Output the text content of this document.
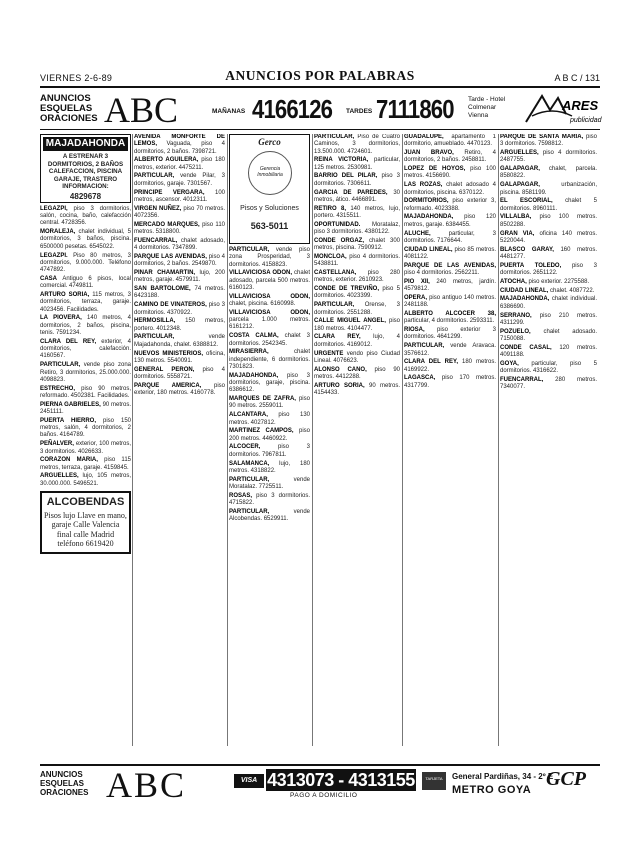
VIERNES 2-6-89	ANUNCIOS POR PALABRAS	A B C / 131
ANUNCIOS ESQUELAS ORACIONES ABC	MAÑANAS 4166126 TARDES 7111860 Tarde - Hotel Colmenar Vienna
ARES
publicidad
MAJADAHONDA
A ESTRENAR 3 DORMITORIOS, 2 BAÑOS CALEFACCION, PISCINA GARAJE, TRASTERO INFORMACION:
4829678

LEGAZPI, piso 3 dormitorios, salón, cocina, baño, calefacción central. 4728356.

MORALEJA, chalet individual, 5 dormitorios, 3 baños, piscina. 6500000 pesetas. 6545022.

LEGAZPI. Piso 80 metros, 3 dormitorios, 9.000.000. Teléfono 4747892.

CASA Antiguo 6 pisos, local comercial. 4749811.

ARTURO SORIA, 115 metros, 3 dormitorios, terraza, garaje. 4023456. Facilidades.

LA PIOVERA, 140 metros, 4 dormitorios, 2 baños, piscina, tenis. 7591234.

CLARA DEL REY, exterior, 4 dormitorios, calefacción. 4160567.

PARTICULAR, vende piso zona Retiro, 3 dormitorios, 25.000.000. 4098823.

ESTRECHO, piso 90 metros, reformado. 4502381. Facilidades.

PIERNA GABRIELES, 90 metros. 2451111.

PUERTA HIERRO, piso 150 metros, salón, 4 dormitorios, 2 baños. 4164789.

PEÑALVER, exterior, 100 metros, 3 dormitorios. 4026633.

CORAZON MARIA, piso 115 metros, terraza, garaje. 4159845.

ARGUELLES, lujo, 105 metros, 30.000.000. 5496521.

ALCOBENDAS
Pisos lujo Llave en mano, garaje Calle Valencia final calle Madrid teléfono 6619420

AVENIDA MONFORTE DE LEMOS, Vaguada, piso 4 dormitorios, 2 baños. 7398721.

ALBERTO AGUILERA, piso 180 metros, exterior. 4475211.

PARTICULAR, vende Pilar, 3 dormitorios, garaje. 7301567.

PRINCIPE VERGARA, 100 metros, ascensor. 4012311.

VIRGEN NUÑEZ, piso 70 metros. 4072356.

MERCADO MARQUES, piso 110 metros. 5318800.

FUENCARRAL, chalet adosado, 4 dormitorios. 7347899.

PARQUE LAS AVENIDAS, piso 4 dormitorios, 2 baños. 2549870.

PINAR CHAMARTIN, lujo, 200 metros, garaje. 4579911.

SAN BARTOLOME, 74 metros. 6423188.

CAMINO DE VINATEROS, piso 3 dormitorios. 4370922.

HERMOSILLA, 150 metros, portero. 4012348.

PARTICULAR, vende Majadahonda, chalet. 6388812.

NUEVOS MINISTERIOS, oficina, 130 metros. 5540091.

GENERAL PERON, piso 4 dormitorios. 5558721.

PARQUE AMERICA, piso exterior, 180 metros. 4160778.

Gerco
Gerencia Inmobiliaria
Pisos y Soluciones
563-5011

PARTICULAR, vende piso zona Prosperidad, 3 dormitorios. 4158823.

VILLAVICIOSA ODON, chalet adosado, parcela 500 metros. 6160123.

VILLAVICIOSA ODON, chalet, piscina. 6160998.

VILLAVICIOSA ODON, parcela 1.000 metros. 6161212.

COSTA CALMA, chalet 3 dormitorios. 2542345.

MIRASIERRA, chalet independiente, 6 dormitorios. 7301823.

MAJADAHONDA, piso 3 dormitorios, garaje, piscina. 6386612.

MARQUES DE ZAFRA, piso 90 metros. 2559011.

ALCANTARA, piso 130 metros. 4027812.

MARTINEZ CAMPOS, piso 200 metros. 4460922.

ALCOCER, piso 3 dormitorios. 7967811.

SALAMANCA, lujo, 180 metros. 4318822.

PARTICULAR, vende Moratalaz. 7725511.

ROSAS, piso 3 dormitorios. 4715822.

PARTICULAR, vende Alcobendas. 6529911.

PARTICULAR, Piso de Cuatro Caminos, 3 dormitorios, 13.500.000. 4724601.

REINA VICTORIA, particular, 125 metros. 2530981.

BARRIO DEL PILAR, piso 3 dormitorios. 7306611.

GARCIA DE PAREDES, 30 metros, ático. 4466891.

RETIRO 8, 140 metros, lujo, portero. 4315511.

OPORTUNIDAD. Moratalaz, piso 3 dormitorios. 4380122.

CONDE ORGAZ, chalet 300 metros, piscina. 7590912.

MONCLOA, piso 4 dormitorios. 5438811.

CASTELLANA, piso 280 metros, exterior. 2610923.

CONDE DE TREVIÑO, piso 5 dormitorios. 4023399.

PARTICULAR, Orense, 3 dormitorios. 2551288.

CALLE MIGUEL ANGEL, piso 180 metros. 4104477.

CLARA REY, lujo, 4 dormitorios. 4169012.

URGENTE vendo piso Ciudad Lineal. 4076623.

ALONSO CANO, piso 90 metros. 4412288.

ARTURO SORIA, 90 metros. 4154433.

GUADALUPE, apartamento 1 dormitorio, amueblado. 4470123.

JUAN BRAVO, Retiro, 4 dormitorios, 2 baños. 2458811.

LOPEZ DE HOYOS, piso 100 metros. 4156690.

LAS ROZAS, chalet adosado 4 dormitorios, piscina. 6370122.

DORMITORIOS, piso exterior 3, reformado. 4023388.

MAJADAHONDA, piso 120 metros, garaje. 6384455.

ALUCHE, particular, 3 dormitorios. 7176644.

CIUDAD LINEAL, piso 85 metros. 4081122.

PARQUE DE LAS AVENIDAS, piso 4 dormitorios. 2562211.

PIO XII, 240 metros, jardín. 4579812.

OPERA, piso antiguo 140 metros. 2481188.

ALBERTO ALCOCER 38, particular, 4 dormitorios. 2593311.

RIOSA, piso exterior 3 dormitorios. 4641299.

PARTICULAR, vende Aravaca. 3576612.

CLARA DEL REY, 180 metros. 4169922.

LAGASCA, piso 170 metros. 4317799.

PARQUE DE SANTA MARIA, piso 3 dormitorios. 7598812.

ARGUELLES, piso 4 dormitorios. 2487755.

GALAPAGAR, chalet, parcela. 8580822.

GALAPAGAR, urbanización, piscina. 8581199.

EL ESCORIAL, chalet 5 dormitorios. 8960111.

VILLALBA, piso 100 metros. 8502288.

GRAN VIA, oficina 140 metros. 5220044.

BLASCO GARAY, 160 metros. 4481277.

PUERTA TOLEDO, piso 3 dormitorios. 2651122.

ATOCHA, piso exterior. 2275588.

CIUDAD LINEAL, chalet. 4087722.

MAJADAHONDA, chalet individual. 6386690.

SERRANO, piso 210 metros. 4311299.

POZUELO, chalet adosado. 7150088.

CONDE CASAL, 120 metros. 4091188.

GOYA, particular, piso 5 dormitorios. 4316622.

FUENCARRAL, 280 metros. 7340077.

ANUNCIOS ESQUELAS ORACIONES ABC	VISA 4313073 - 4313155
PAGO A DOMICILIO
TARJETA	General Pardiñas, 34 - 2º E
METRO GOYA GCP
